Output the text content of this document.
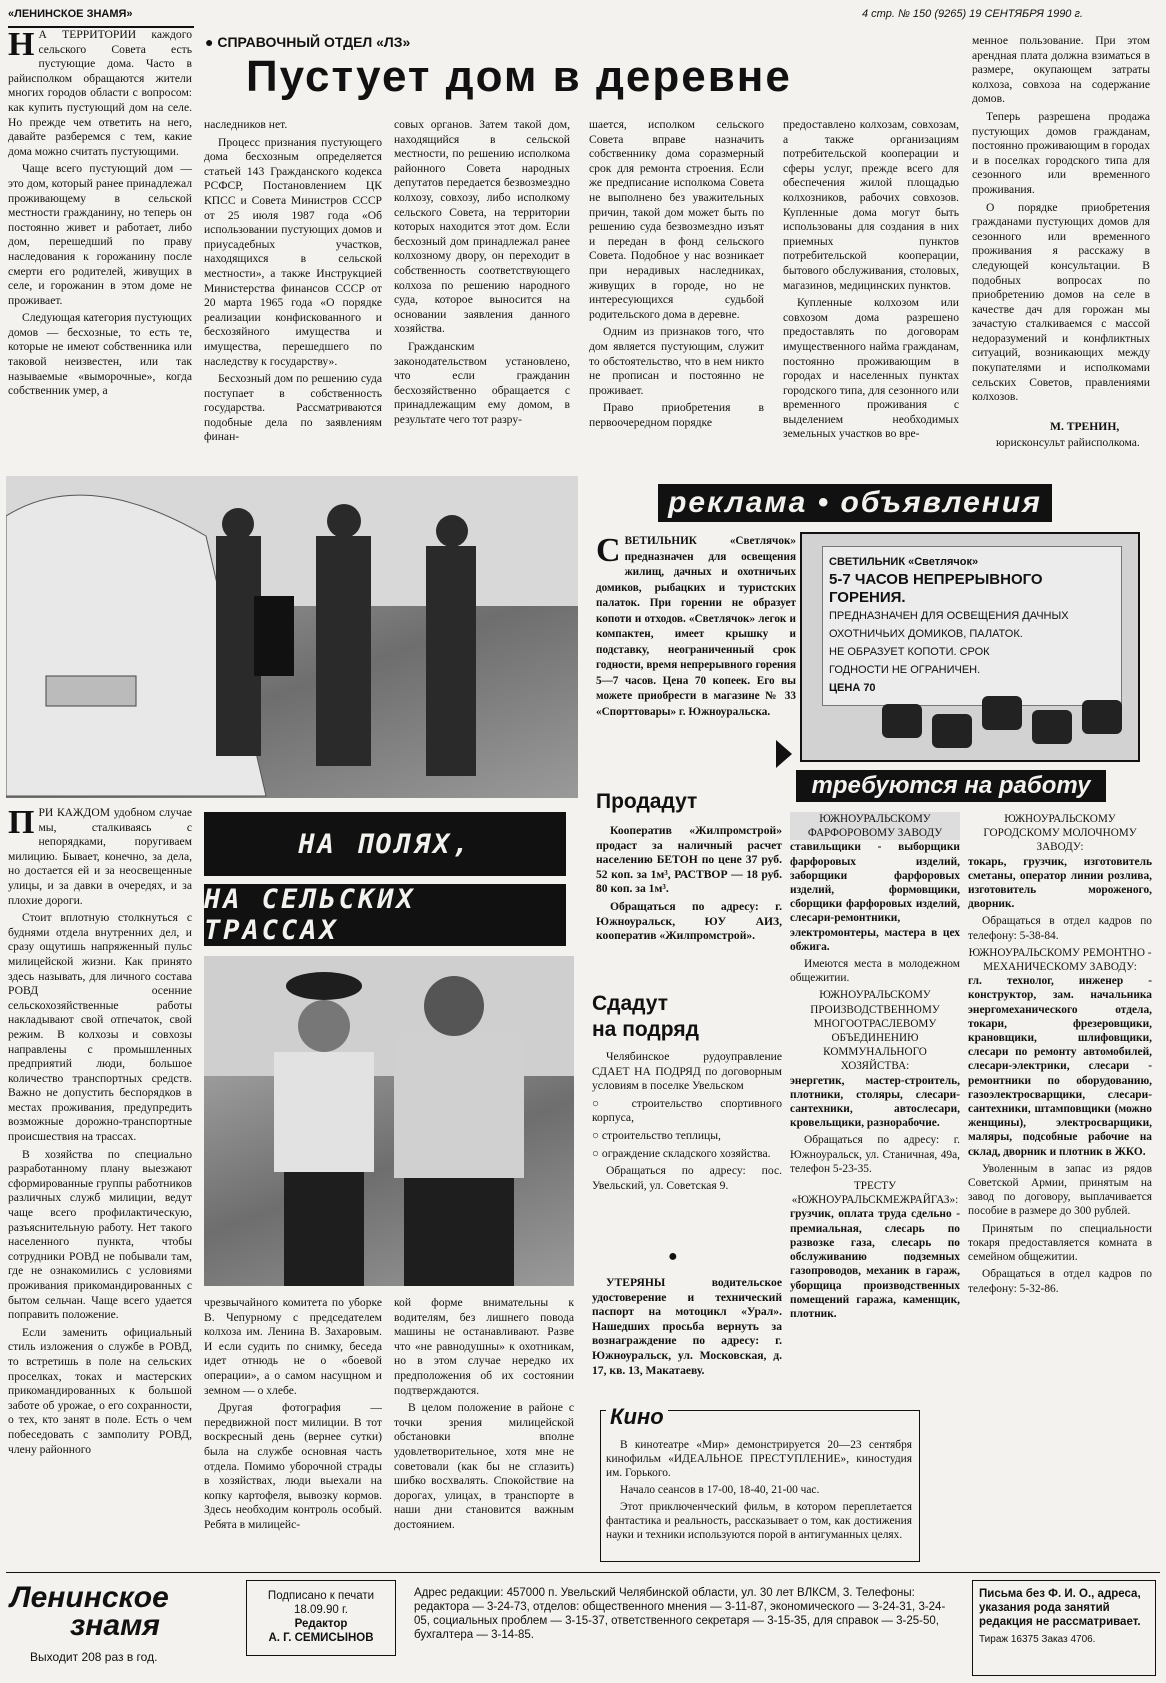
«ЛЕНИНСКОЕ ЗНАМЯ»	4 стр. № 150 (9265) 19 СЕНТЯБРЯ 1990 г.
● СПРАВОЧНЫЙ ОТДЕЛ «ЛЗ»
Пустует дом в деревне
Н А ТЕРРИТОРИИ каждого сельского Совета есть пустующие дома. Часто в райисполком обращаются жители многих городов области с вопросом: как купить пустующий дом на селе. Но прежде чем ответить на него, давайте разберемся с тем, какие дома можно считать пустующими.

Чаще всего пустующий дом — это дом, который ранее принадлежал проживающему в сельской местности гражданину, но теперь он постоянно живет и работает, либо дом, перешедший по праву наследования к горожанину после смерти его родителей, живущих в селе, и горожанин в этом доме не проживает.

Следующая категория пустующих домов — бесхозные, то есть те, которые не имеют собственника или таковой неизвестен, или так называемые «выморочные», когда собственник умер, а

наследников нет.

Процесс признания пустующего дома бесхозным определяется статьей 143 Гражданского кодекса РСФСР, Постановлением ЦК КПСС и Совета Министров СССР от 25 июля 1987 года «Об использовании пустующих домов и приусадебных участков, находящихся в сельской местности», а также Инструкцией Министерства финансов СССР от 20 марта 1965 года «О порядке реализации конфискованного и бесхозяйного имущества и имущества, перешедшего по наследству к государству».

Бесхозный дом по решению суда поступает в собственность государства. Рассматриваются подобные дела по заявлениям финан-

совых органов. Затем такой дом, находящийся в сельской местности, по решению исполкома районного Совета народных депутатов передается безвозмездно колхозу, совхозу, либо исполкому сельского Совета, на территории которых находится этот дом. Если бесхозный дом принадлежал ранее колхозному двору, он переходит в собственность соответствующего колхоза по решению народного суда, которое выносится на основании заявления данного хозяйства.

Гражданским законодательством установлено, что если гражданин бесхозяйственно обращается с принадлежащим ему домом, в результате чего тот разру-

шается, исполком сельского Совета вправе назначить собственнику дома соразмерный срок для ремонта строения. Если же предписание исполкома Совета не выполнено без уважительных причин, такой дом может быть по решению суда безвозмездно изъят и передан в фонд сельского Совета. Подобное у нас возникает при нерадивых наследниках, живущих в городе, но не интересующихся судьбой родительского дома в деревне.

Одним из признаков того, что дом является пустующим, служит то обстоятельство, что в нем никто не прописан и постоянно не проживает.

Право приобретения в первоочередном порядке

предоставлено колхозам, совхозам, а также организациям потребительской кооперации и сферы услуг, прежде всего для обеспечения жилой площадью колхозников, рабочих совхозов. Купленные дома могут быть использованы для создания в них приемных пунктов потребительской кооперации, бытового обслуживания, столовых, магазинов, медицинских пунктов.

Купленные колхозом или совхозом дома разрешено предоставлять по договорам имущественного найма гражданам, постоянно проживающим в городах и населенных пунктах городского типа, для сезонного или временного проживания с выделением необходимых земельных участков во вре-

менное пользование. При этом арендная плата должна взиматься в размере, окупающем затраты колхоза, совхоза на содержание домов.

Теперь разрешена продажа пустующих домов гражданам, постоянно проживающим в городах и в поселках городского типа для сезонного или временного проживания.

О порядке приобретения гражданами пустующих домов для сезонного или временного проживания я расскажу в следующей консультации. В подобных вопросах по приобретению домов на селе в качестве дач для горожан мы зачастую сталкиваемся с массой недоразумений и конфликтных ситуаций, возникающих между покупателями и исполкомами сельских Советов, правлениями колхозов.

М. ТРЕНИН,
юрисконсульт райисполкома.
реклама • объявления
С ВЕТИЛЬНИК «Светлячок» предназначен для освещения жилищ, дачных и охотничьих домиков, рыбацких и туристских палаток. При горении не образует копоти и отходов. «Светлячок» легок и компактен, имеет крышку и подставку, неограниченный срок годности, время непрерывного горения 5—7 часов. Цена 70 копеек. Его вы можете приобрести в магазине № 33 «Спорттовары» г. Южноуральска.

СВЕТИЛЬНИК «Светлячок»
5-7 ЧАСОВ НЕПРЕРЫВНОГО ГОРЕНИЯ.
ПРЕДНАЗНАЧЕН ДЛЯ ОСВЕЩЕНИЯ ДАЧНЫХ
ОХОТНИЧЬИХ ДОМИКОВ, ПАЛАТОК.
НЕ ОБРАЗУЕТ КОПОТИ. СРОК
ГОДНОСТИ НЕ ОГРАНИЧЕН.
ЦЕНА 70
требуются на работу
Продадут

Кооператив «Жилпромстрой» продаст за наличный расчет населению БЕТОН по цене 37 руб. 52 коп. за 1м³, РАСТВОР — 18 руб. 80 коп. за 1м³.

Обращаться по адресу: г. Южноуральск, ЮУ АИЗ, кооператив «Жилпромстрой».

Сдадут
на подряд

Челябинское рудоуправление СДАЕТ НА ПОДРЯД по договорным условиям в поселке Увельском

○ строительство спортивного корпуса,

○ строительство теплицы,

○ ограждение складского хозяйства.

Обращаться по адресу: пос. Увельский, ул. Советская 9.

●

УТЕРЯНЫ водительское удостоверение и технический паспорт на мотоцикл «Урал». Нашедших просьба вернуть за вознаграждение по адресу: г. Южноуральск, ул. Московская, д. 17, кв. 13, Макатаеву.

Кино

В кинотеатре «Мир» демонстрируется 20—23 сентября кинофильм «ИДЕАЛЬНОЕ ПРЕСТУПЛЕНИЕ», киностудия им. Горького.

Начало сеансов в 17-00, 18-40, 21-00 час.

Этот приключенческий фильм, в котором переплетается фантастика и реальность, рассказывает о том, как достижения науки и техники используются порой в антигуманных целях.

ЮЖНОУРАЛЬСКОМУ ФАРФОРОВОМУ ЗАВОДУ

ставильщики - выборщики фарфоровых изделий, заборщики фарфоровых изделий, формовщики, сборщики фарфоровых изделий, слесари-ремонтники, электромонтеры, мастера в цех обжига.

Имеются места в молодежном общежитии.

ЮЖНОУРАЛЬСКОМУ ПРОИЗВОДСТВЕННОМУ МНОГООТРАСЛЕВОМУ ОБЪЕДИНЕНИЮ КОММУНАЛЬНОГО ХОЗЯЙСТВА:

энергетик, мастер-строитель, плотники, столяры, слесари-сантехники, автослесари, кровельщики, разнорабочие.

Обращаться по адресу: г. Южноуральск, ул. Станичная, 49а, телефон 5-23-35.

ТРЕСТУ «ЮЖНОУРАЛЬСКМЕЖРАЙГАЗ»:

грузчик, оплата труда сдельно - премиальная, слесарь по развозке газа, слесарь по обслуживанию подземных газопроводов, механик в гараж, уборщица производственных помещений гаража, каменщик, плотник.

ЮЖНОУРАЛЬСКОМУ ГОРОДСКОМУ МОЛОЧНОМУ ЗАВОДУ:

токарь, грузчик, изготовитель сметаны, оператор линии розлива, изготовитель мороженого, дворник.

Обращаться в отдел кадров по телефону: 5-38-84.

ЮЖНОУРАЛЬСКОМУ РЕМОНТНО - МЕХАНИЧЕСКОМУ ЗАВОДУ:

гл. технолог, инженер - конструктор, зам. начальника энергомеханического отдела, токари, фрезеровщики, крановщики, шлифовщики, слесари по ремонту автомобилей, слесари-электрики, слесари - ремонтники по оборудованию, газоэлектросварщики, слесари-сантехники, штамповщики (можно женщины), электросварщики, маляры, подсобные рабочие на склад, дворник и плотник в ЖКО.

Уволенным в запас из рядов Советской Армии, принятым на завод по договору, выплачивается пособие в размере до 300 рублей.

Принятым по специальности токаря предоставляется комната в семейном общежитии.

Обращаться в отдел кадров по телефону: 5-32-86.

НА ПОЛЯХ,
НА СЕЛЬСКИХ ТРАССАХ
П РИ КАЖДОМ удобном случае мы, сталкиваясь с непорядками, поругиваем милицию. Бывает, конечно, за дела, но достается ей и за неосвещенные улицы, и за давки в очередях, и за плохие дороги.

Стоит вплотную столкнуться с буднями отдела внутренних дел, и сразу ощутишь напряженный пульс милицейской жизни. Как принято здесь называть, для личного состава РОВД осенние сельскохозяйственные работы накладывают свой отпечаток, свой режим. В колхозы и совхозы направлены с промышленных предприятий люди, большое количество транспортных средств. Важно не допустить беспорядков в местах проживания, предупредить возможные дорожно-транспортные происшествия на трассах.

В хозяйства по специально разработанному плану выезжают сформированные группы работников различных служб милиции, ведут чаще всего профилактическую, разъяснительную работу. Нет такого населенного пункта, чтобы сотрудники РОВД не побывали там, где не ознакомились с условиями проживания прикомандированных с бытом сельчан. Чаще всего удается поправить положение.

Если заменить официальный стиль изложения о службе в РОВД, то встретишь в поле на сельских проселках, токах и мастерских прикомандированных к большой заботе об урожае, о его сохранности, о тех, кто занят в поле. Есть о чем побеседовать с замполиту РОВД, члену районного

чрезвычайного комитета по уборке В. Чепурному с председателем колхоза им. Ленина В. Захаровым. И если судить по снимку, беседа идет отнюдь не о «боевой операции», а о самом насущном и земном — о хлебе.

Другая фотография — передвижной пост милиции. В тот воскресный день (вернее сутки) была на службе основная часть отдела. Помимо уборочной страды в хозяйствах, люди выехали на копку картофеля, вывозку кормов. Здесь необходим контроль особый. Ребята в милицейс-

кой форме внимательны к водителям, без лишнего повода машины не останавливают. Разве что «не равнодушны» к охотникам, но в этом случае нередко их предположения об их состоянии подтверждаются.

В целом положение в районе с точки зрения милицейской обстановки вполне удовлетворительное, хотя мне не советовали (как бы не сглазить) шибко восхвалять. Спокойствие на дорогах, улицах, в транспорте в наши дни становится важным достоянием.

Ленинское
знамя
Выходит 208 раз в год.
Подписано к печати 18.09.90 г.
Редактор
А. Г. СЕМИСЫНОВ
Адрес редакции: 457000 п. Увельский Челябинской области, ул. 30 лет ВЛКСМ, 3. Телефоны: редактора — 3-24-73, отделов: общественного мнения — 3-11-87, экономического — 3-24-31, 3-24-05, социальных проблем — 3-15-37, ответственного секретаря — 3-15-35, для справок — 3-25-50, бухгалтера — 3-14-85.
Письма без Ф. И. О., адреса, указания рода занятий редакция не рассматривает.
Тираж 16375 Заказ 4706.
